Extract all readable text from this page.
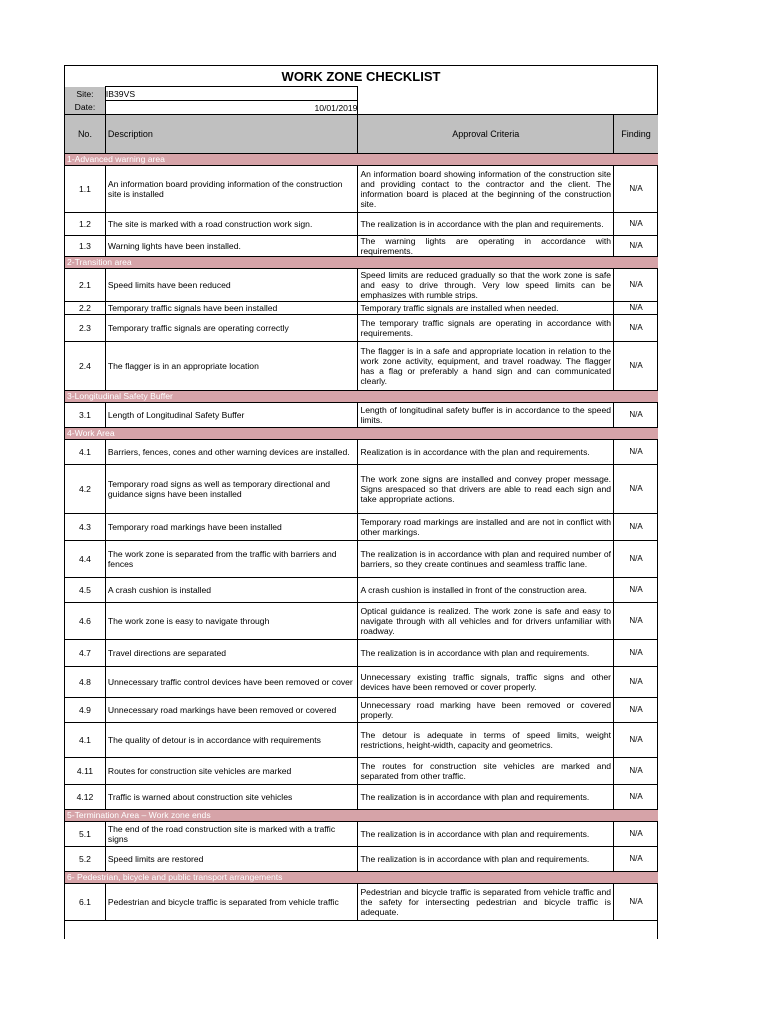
WORK ZONE CHECKLIST
Site:	IB39VS		
Date:	10/01/2019		
No.	Description	Approval Criteria	Finding
1-Advanced warning area			
1.1	An information board providing information of the construction site is installed	An information board showing information of the construction site and providing contact to the contractor and the client. The information board is placed at the beginning of the construction site.	N/A
1.2	The site is marked with a road construction work sign.	The realization is in accordance with the plan and requirements.	N/A
1.3	Warning lights have been installed.	The warning lights are operating in accordance with requirements.	N/A
2-Transition area			
2.1	Speed limits have been reduced	Speed limits are reduced gradually so that the work zone is safe and easy to drive through. Very low speed limits can be emphasizes with rumble strips.	N/A
2.2	Temporary traffic signals have been installed	Temporary traffic signals are installed when needed.	N/A
2.3	Temporary traffic signals are operating correctly	The temporary traffic signals are operating in accordance with requirements.	N/A
2.4	The flagger is in an appropriate location	The flagger is in a safe and appropriate location in relation to the work zone activity, equipment, and travel roadway. The flagger has a flag or preferably a hand sign and can communicated clearly.	N/A
3-Longitudinal Safety Buffer			
3.1	Length of Longitudinal Safety Buffer	Length of longitudinal safety buffer is in accordance to the speed limits.	N/A
4-Work Area			
4.1	Barriers, fences, cones and other warning devices are installed.	Realization is in accordance with the plan and requirements.	N/A
4.2	Temporary road signs as well as temporary directional and guidance signs have been installed	The work zone signs are installed and convey proper message. Signs arespaced so that drivers are able to read each sign and take appropriate actions.	N/A
4.3	Temporary road markings have been installed	Temporary road markings are installed and are not in conflict with other markings.	N/A
4.4	The work zone is separated from the traffic with barriers and fences	The realization is in accordance with plan and required number of barriers, so they create continues and seamless traffic lane.	N/A
4.5	A crash cushion is installed	A crash cushion is installed in front of the construction area.	N/A
4.6	The work zone is easy to navigate through	Optical guidance is realized. The work zone is safe and easy to navigate through with all vehicles and for drivers unfamiliar with roadway.	N/A
4.7	Travel directions are separated	The realization is in accordance with plan and requirements.	N/A
4.8	Unnecessary traffic control devices have been removed or cover	Unnecessary existing traffic signals, traffic signs and other devices have been removed or cover properly.	N/A
4.9	Unnecessary road markings have been removed or covered	Unnecessary road marking have been removed or covered properly.	N/A
4.1	The quality of detour is in accordance with requirements	The detour is adequate in terms of speed limits, weight restrictions, height-width, capacity and geometrics.	N/A
4.11	Routes for construction site vehicles are marked	The routes for construction site vehicles are marked and separated from other traffic.	N/A
4.12	Traffic is warned about construction site vehicles	The realization is in accordance with plan and requirements.	N/A
5-Termination Area – Work zone ends			
5.1	The end of the road construction site is marked with a traffic signs	The realization is in accordance with plan and requirements.	N/A
5.2	Speed limits are restored	The realization is in accordance with plan and requirements.	N/A
6- Pedestrian, bicycle and public transport arrangements			
6.1	Pedestrian and bicycle traffic is separated from vehicle traffic	Pedestrian and bicycle traffic is separated from vehicle traffic and the safety for intersecting pedestrian and bicycle traffic is adequate.	N/A
